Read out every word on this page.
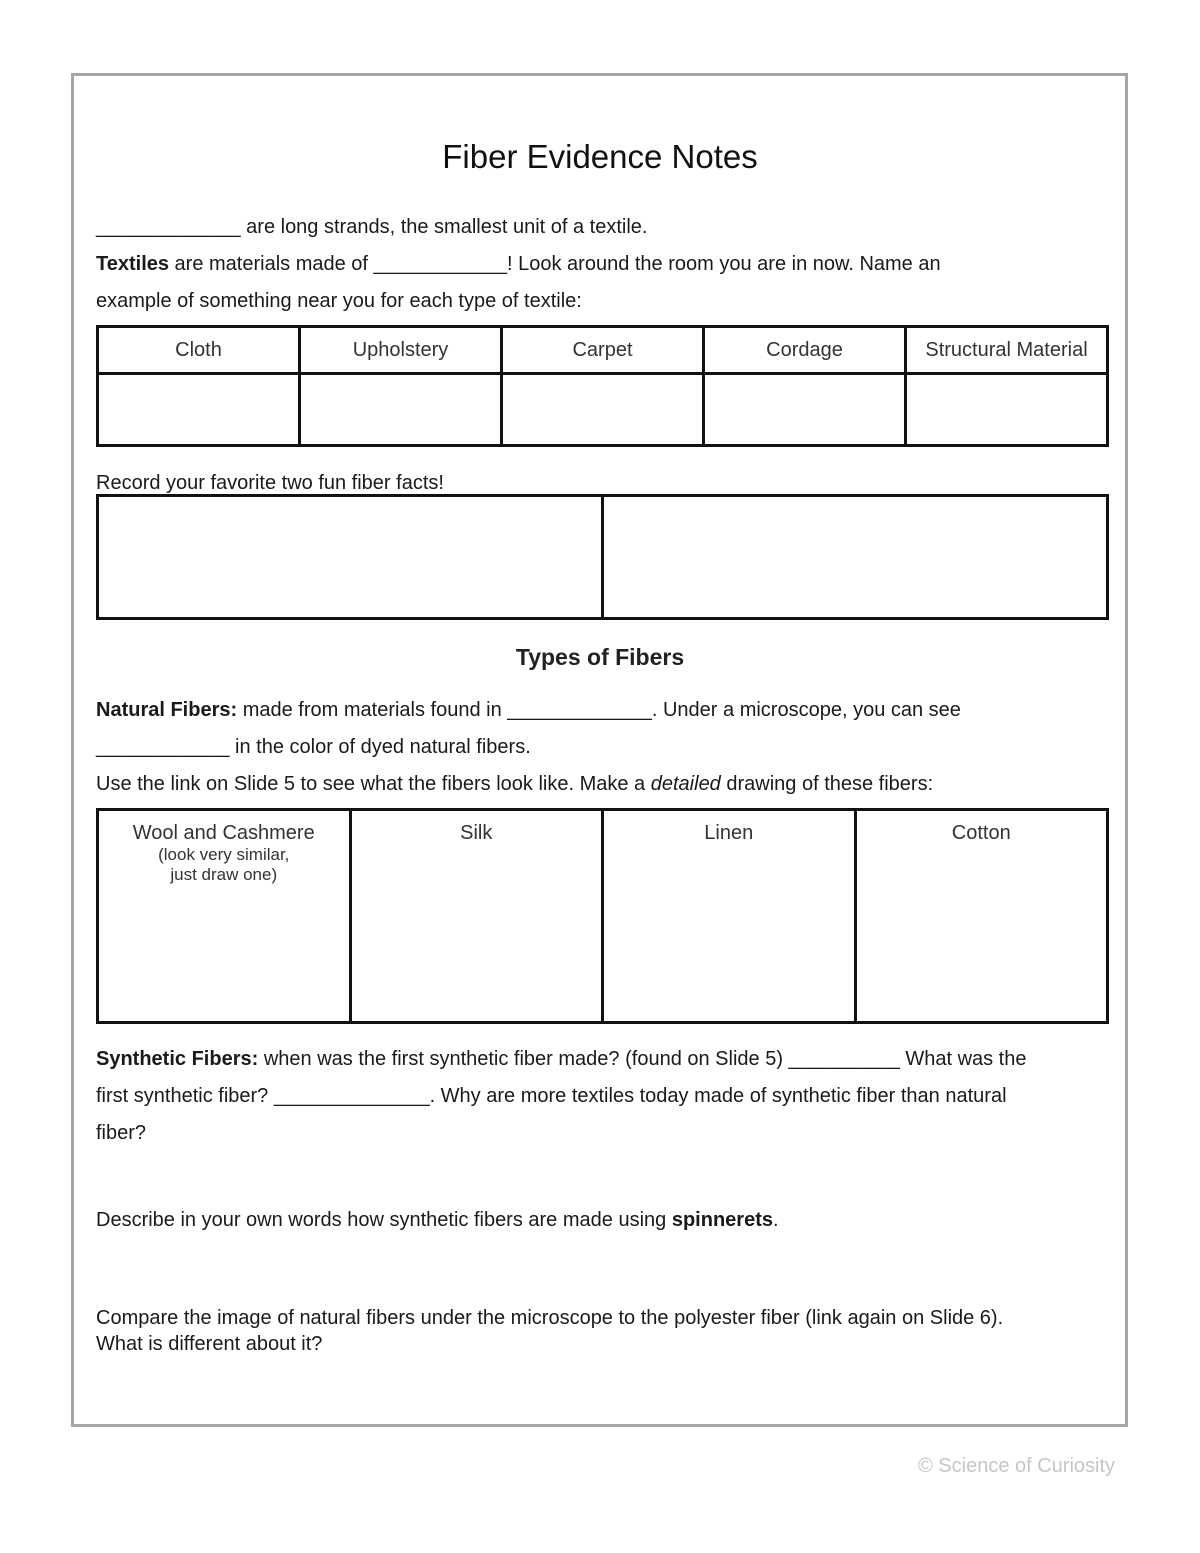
Fiber Evidence Notes
_____________ are long strands, the smallest unit of a textile.
Textiles are materials made of ____________! Look around the room you are in now. Name an
example of something near you for each type of textile:
Cloth	Upholstery	Carpet	Cordage	Structural Material

Record your favorite two fun fiber facts!

Types of Fibers
Natural Fibers: made from materials found in _____________. Under a microscope, you can see
____________ in the color of dyed natural fibers.
Use the link on Slide 5 to see what the fibers look like. Make a detailed drawing of these fibers:
Wool and Cashmere
(look very similar,
just draw one)
	Silk	Linen	Cotton
Synthetic Fibers: when was the first synthetic fiber made? (found on Slide 5) __________ What was the
first synthetic fiber? ______________. Why are more textiles today made of synthetic fiber than natural
fiber?
Describe in your own words how synthetic fibers are made using spinnerets.
Compare the image of natural fibers under the microscope to the polyester fiber (link again on Slide 6).
What is different about it?
© Science of Curiosity
